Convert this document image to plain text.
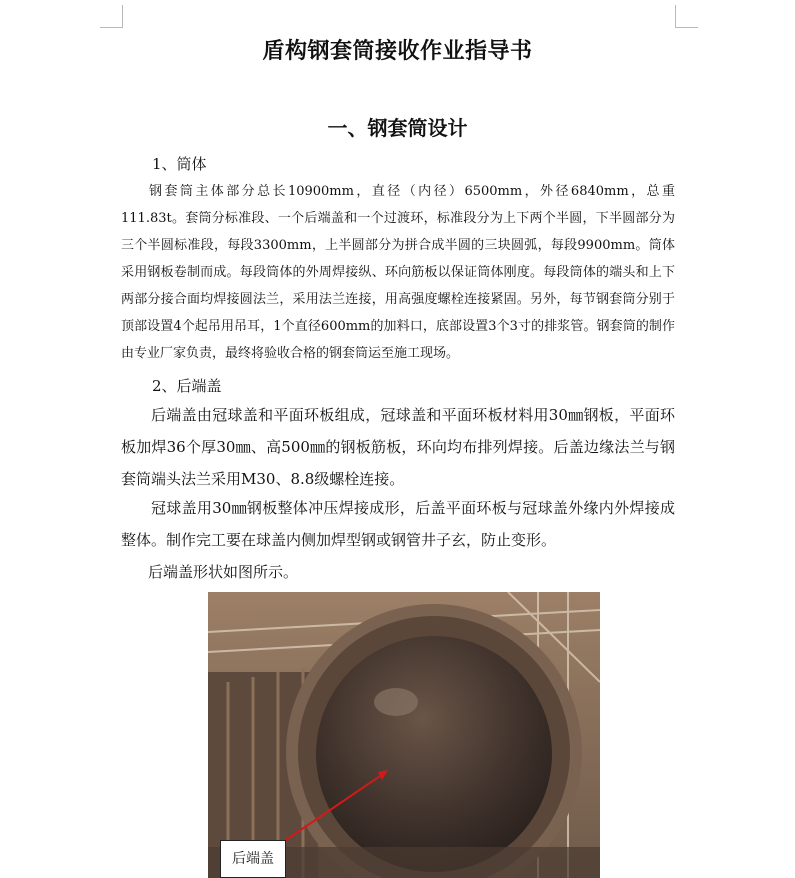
盾构钢套筒接收作业指导书
一、钢套筒设计
1、筒体
钢套筒主体部分总长10900mm，直径（内径）6500mm，外径6840mm，总重111.83t。套筒分标准段、一个后端盖和一个过渡环，标准段分为上下两个半圆，下半圆部分为三个半圆标准段，每段3300mm，上半圆部分为拼合成半圆的三块圆弧，每段9900mm。筒体采用钢板卷制而成。每段筒体的外周焊接纵、环向筋板以保证筒体刚度。每段筒体的端头和上下两部分接合面均焊接圆法兰，采用法兰连接，用高强度螺栓连接紧固。另外，每节钢套筒分别于顶部设置4个起吊用吊耳，1个直径600mm的加料口，底部设置3个3寸的排浆管。钢套筒的制作由专业厂家负责，最终将验收合格的钢套筒运至施工现场。
2、后端盖
后端盖由冠球盖和平面环板组成，冠球盖和平面环板材料用30㎜钢板，平面环板加焊36个厚30㎜、高500㎜的钢板筋板，环向均布排列焊接。后盖边缘法兰与钢套筒端头法兰采用M30、8.8级螺栓连接。
冠球盖用30㎜钢板整体冲压焊接成形，后盖平面环板与冠球盖外缘内外焊接成整体。制作完工要在球盖内侧加焊型钢或钢管井子玄，防止变形。
后端盖形状如图所示。
后端盖
